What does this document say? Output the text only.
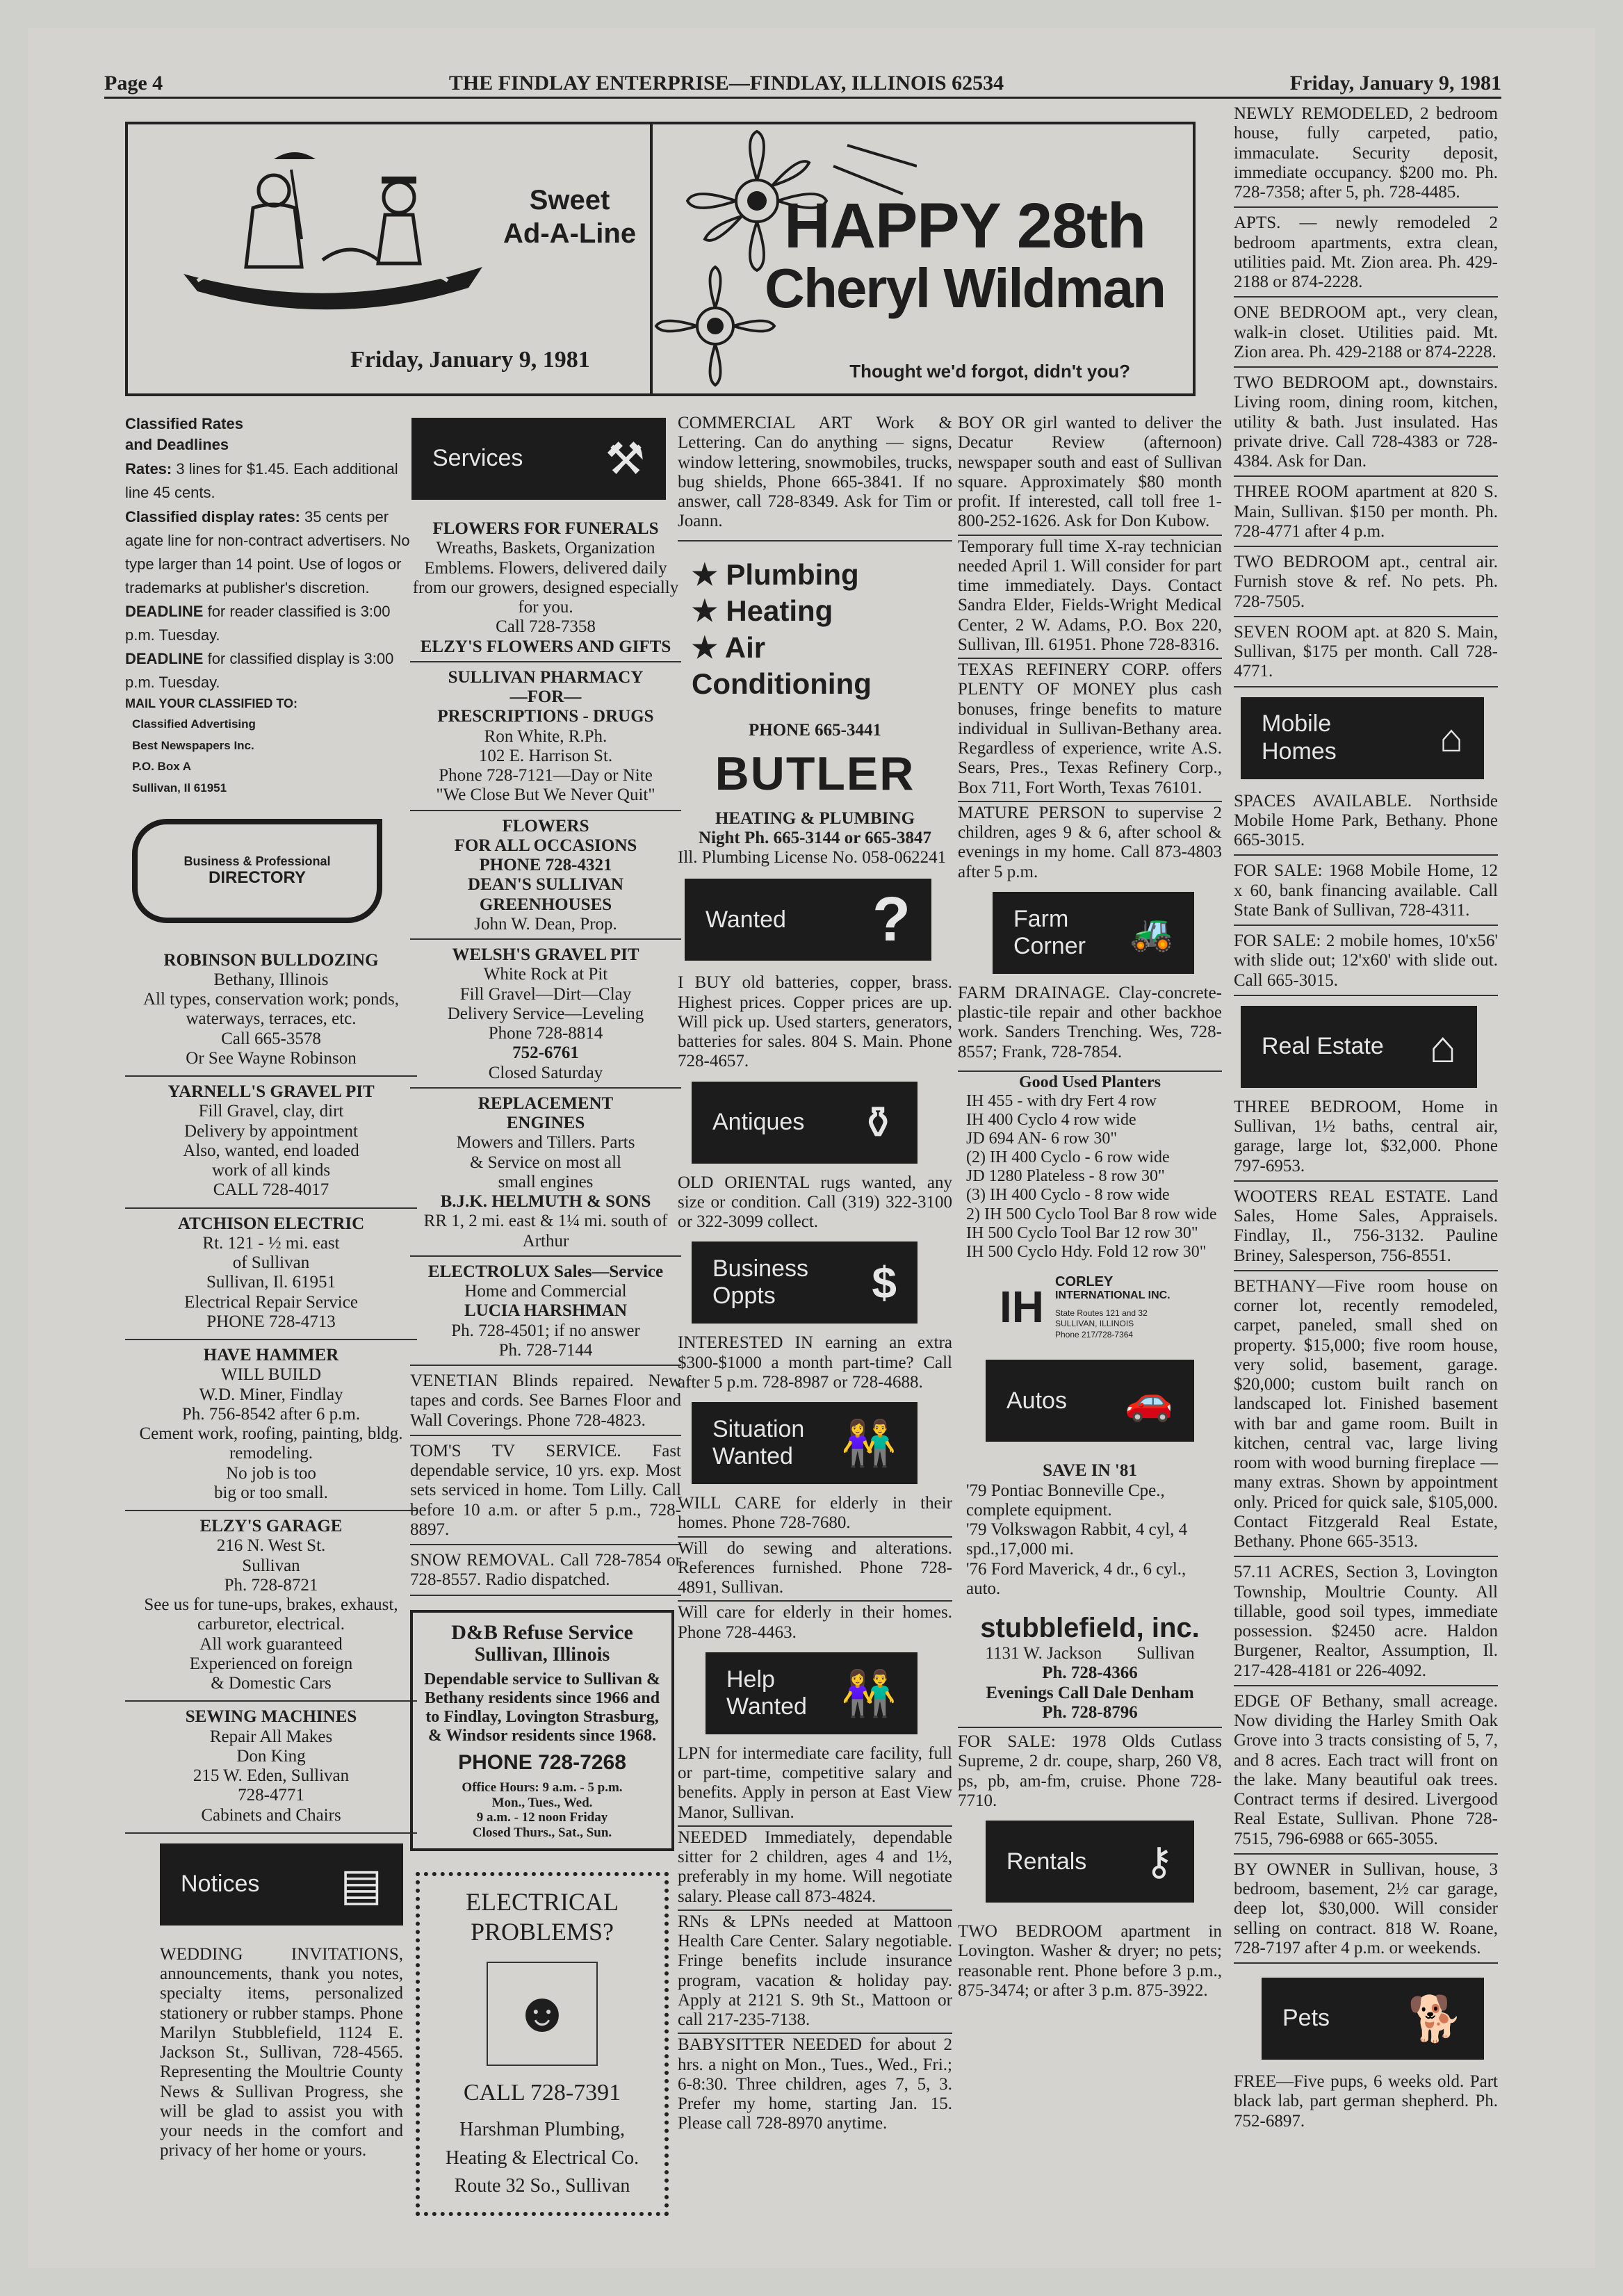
Page 4	THE FINDLAY ENTERPRISE—FINDLAY, ILLINOIS 62534	Friday, January 9, 1981
Sweet
Ad-A-Line
Friday, January 9, 1981
HAPPY 28th
Cheryl Wildman
Thought we'd forgot, didn't you?
Classified Rates
and Deadlines
Rates: 3 lines for $1.45. Each additional line 45 cents.
Classified display rates: 35 cents per agate line for non-contract advertisers. No type larger than 14 point. Use of logos or trademarks at publisher's discretion.
DEADLINE for reader classified is 3:00 p.m. Tuesday.
DEADLINE for classified display is 3:00 p.m. Tuesday.
MAIL YOUR CLASSIFIED TO:
Classified Advertising
Best Newspapers Inc.
P.O. Box A
Sullivan, Il 61951
Business & Professional
DIRECTORY
ROBINSON BULLDOZING
Bethany, Illinois
All types, conservation work; ponds, waterways, terraces, etc.
Call 665-3578
Or See Wayne Robinson
YARNELL'S GRAVEL PIT
Fill Gravel, clay, dirt
Delivery by appointment
Also, wanted, end loaded
work of all kinds
CALL 728-4017
ATCHISON ELECTRIC
Rt. 121 - ½ mi. east
of Sullivan
Sullivan, Il. 61951
Electrical Repair Service
PHONE 728-4713
HAVE HAMMER
WILL BUILD
W.D. Miner, Findlay
Ph. 756-8542 after 6 p.m.
Cement work, roofing, painting, bldg. remodeling.
No job is too
big or too small.
ELZY'S GARAGE
216 N. West St.
Sullivan
Ph. 728-8721
See us for tune-ups, brakes, exhaust, carburetor, electrical.
All work guaranteed
Experienced on foreign
& Domestic Cars
SEWING MACHINES
Repair All Makes
Don King
215 W. Eden, Sullivan
728-4771
Cabinets and Chairs
Notices ▤
WEDDING INVITATIONS, announcements, thank you notes, specialty items, personalized stationery or rubber stamps. Phone Marilyn Stubblefield, 1124 E. Jackson St., Sullivan, 728-4565. Representing the Moultrie County News & Sullivan Progress, she will be glad to assist you with your needs in the comfort and privacy of her home or yours.
Services ⚒
FLOWERS FOR FUNERALS
Wreaths, Baskets, Organization Emblems. Flowers, delivered daily from our growers, designed especially for you.
Call 728-7358
ELZY'S FLOWERS AND GIFTS
SULLIVAN PHARMACY
—FOR—
PRESCRIPTIONS - DRUGS
Ron White, R.Ph.
102 E. Harrison St.
Phone 728-7121—Day or Nite
"We Close But We Never Quit"
FLOWERS
FOR ALL OCCASIONS
PHONE 728-4321
DEAN'S SULLIVAN
GREENHOUSES
John W. Dean, Prop.
WELSH'S GRAVEL PIT
White Rock at Pit
Fill Gravel—Dirt—Clay
Delivery Service—Leveling
Phone 728-8814
752-6761
Closed Saturday
REPLACEMENT
ENGINES
Mowers and Tillers. Parts
& Service on most all
small engines
B.J.K. HELMUTH & SONS
RR 1, 2 mi. east & 1¼ mi. south of Arthur
ELECTROLUX Sales—Service
Home and Commercial
LUCIA HARSHMAN
Ph. 728-4501; if no answer
Ph. 728-7144
VENETIAN Blinds repaired. New tapes and cords. See Barnes Floor and Wall Coverings. Phone 728-4823.
TOM'S TV SERVICE. Fast dependable service, 10 yrs. exp. Most sets serviced in home. Tom Lilly. Call before 10 a.m. or after 5 p.m., 728-8897.
SNOW REMOVAL. Call 728-7854 or 728-8557. Radio dispatched.
D&B Refuse Service
Sullivan, Illinois
Dependable service to Sullivan & Bethany residents since 1966 and to Findlay, Lovington Strasburg, & Windsor residents since 1968.
PHONE 728-7268
Office Hours: 9 a.m. - 5 p.m.
Mon., Tues., Wed.
9 a.m. - 12 noon Friday
Closed Thurs., Sat., Sun.
ELECTRICAL
PROBLEMS?
☻
CALL 728-7391
Harshman Plumbing,
Heating & Electrical Co.
Route 32 So., Sullivan
COMMERCIAL ART Work & Lettering. Can do anything — signs, window lettering, snowmobiles, trucks, bug shields, Phone 665-3841. If no answer, call 728-8349. Ask for Tim or Joann.
★ Plumbing
★ Heating
★ Air Conditioning
PHONE 665-3441
BUTLER
HEATING & PLUMBING
Night Ph. 665-3144 or 665-3847
Ill. Plumbing License No. 058-062241
Wanted ?
I BUY old batteries, copper, brass. Highest prices. Copper prices are up. Will pick up. Used starters, generators, batteries for sales. 804 S. Main. Phone 728-4657.
Antiques ⚱
OLD ORIENTAL rugs wanted, any size or condition. Call (319) 322-3100 or 322-3099 collect.
Business
Oppts	$
INTERESTED IN earning an extra $300-$1000 a month part-time? Call after 5 p.m. 728-8987 or 728-4688.
Situation
Wanted 👫
WILL CARE for elderly in their homes. Phone 728-7680.
Will do sewing and alterations. References furnished. Phone 728-4891, Sullivan.
Will care for elderly in their homes. Phone 728-4463.
Help
Wanted 👫
LPN for intermediate care facility, full or part-time, competitive salary and benefits. Apply in person at East View Manor, Sullivan.
NEEDED Immediately, dependable sitter for 2 children, ages 4 and 1½, preferably in my home. Will negotiate salary. Please call 873-4824.
RNs & LPNs needed at Mattoon Health Care Center. Salary negotiable. Fringe benefits include insurance program, vacation & holiday pay. Apply at 2121 S. 9th St., Mattoon or call 217-235-7138.
BABYSITTER NEEDED for about 2 hrs. a night on Mon., Tues., Wed., Fri.; 6-8:30. Three children, ages 7, 5, 3. Prefer my home, starting Jan. 15. Please call 728-8970 anytime.
BOY OR girl wanted to deliver the Decatur Review (afternoon) newspaper south and east of Sullivan square. Approximately $80 month profit. If interested, call toll free 1-800-252-1626. Ask for Don Kubow.
Temporary full time X-ray technician needed April 1. Will consider for part time immediately. Days. Contact Sandra Elder, Fields-Wright Medical Center, 2 W. Adams, P.O. Box 220, Sullivan, Ill. 61951. Phone 728-8316.
TEXAS REFINERY CORP. offers PLENTY OF MONEY plus cash bonuses, fringe benefits to mature individual in Sullivan-Bethany area. Regardless of experience, write A.S. Sears, Pres., Texas Refinery Corp., Box 711, Fort Worth, Texas 76101.
MATURE PERSON to supervise 2 children, ages 9 & 6, after school & evenings in my home. Call 873-4803 after 5 p.m.
Farm
Corner 🚜
FARM DRAINAGE. Clay-concrete-plastic-tile repair and other backhoe work. Sanders Trenching. Wes, 728-8557; Frank, 728-7854.
Good Used Planters
IH 455 - with dry Fert 4 row
IH 400 Cyclo 4 row wide
JD 694 AN- 6 row 30"
(2) IH 400 Cyclo - 6 row wide
JD 1280 Plateless - 8 row 30"
(3) IH 400 Cyclo - 8 row wide
2) IH 500 Cyclo Tool Bar 8 row wide
IH 500 Cyclo Tool Bar 12 row 30"
IH 500 Cyclo Hdy. Fold 12 row 30"
IH
CORLEY
INTERNATIONAL INC.
State Routes 121 and 32
SULLIVAN, ILLINOIS
Phone 217/728-7364
Autos 🚗
SAVE IN '81
'79 Pontiac Bonneville Cpe., complete equipment.
'79 Volkswagon Rabbit, 4 cyl, 4 spd.,17,000 mi.
'76 Ford Maverick, 4 dr., 6 cyl., auto.
stubblefield, inc.
1131 W. Jackson        Sullivan
Ph. 728-4366
Evenings Call Dale Denham
Ph. 728-8796
FOR SALE: 1978 Olds Cutlass Supreme, 2 dr. coupe, sharp, 260 V8, ps, pb, am-fm, cruise. Phone 728-7710.
Rentals ⚷
TWO BEDROOM apartment in Lovington. Washer & dryer; no pets; reasonable rent. Phone before 3 p.m., 875-3474; or after 3 p.m. 875-3922.
NEWLY REMODELED, 2 bedroom house, fully carpeted, patio, immaculate. Security deposit, immediate occupancy. $200 mo. Ph. 728-7358; after 5, ph. 728-4485.
APTS. — newly remodeled 2 bedroom apartments, extra clean, utilities paid. Mt. Zion area. Ph. 429-2188 or 874-2228.
ONE BEDROOM apt., very clean, walk-in closet. Utilities paid. Mt. Zion area. Ph. 429-2188 or 874-2228.
TWO BEDROOM apt., downstairs. Living room, dining room, kitchen, utility & bath. Just insulated. Has private drive. Call 728-4383 or 728-4384. Ask for Dan.
THREE ROOM apartment at 820 S. Main, Sullivan. $150 per month. Ph. 728-4771 after 4 p.m.
TWO BEDROOM apt., central air. Furnish stove & ref. No pets. Ph. 728-7505.
SEVEN ROOM apt. at 820 S. Main, Sullivan, $175 per month. Call 728-4771.
Mobile
Homes	⌂
SPACES AVAILABLE. Northside Mobile Home Park, Bethany. Phone 665-3015.
FOR SALE: 1968 Mobile Home, 12 x 60, bank financing available. Call State Bank of Sullivan, 728-4311.
FOR SALE: 2 mobile homes, 10'x56' with slide out; 12'x60' with slide out. Call 665-3015.
Real Estate ⌂
THREE BEDROOM, Home in Sullivan, 1½ baths, central air, garage, large lot, $32,000. Phone 797-6953.
WOOTERS REAL ESTATE. Land Sales, Home Sales, Appraisels. Findlay, Il., 756-3132. Pauline Briney, Salesperson, 756-8551.
BETHANY—Five room house on corner lot, recently remodeled, carpet, paneled, small shed on property. $15,000; five room house, very solid, basement, garage. $20,000; custom built ranch on landscaped lot. Finished basement with bar and game room. Built in kitchen, central vac, large living room with wood burning fireplace — many extras. Shown by appointment only. Priced for quick sale, $105,000. Contact Fitzgerald Real Estate, Bethany. Phone 665-3513.
57.11 ACRES, Section 3, Lovington Township, Moultrie County. All tillable, good soil types, immediate possession. $2450 acre. Haldon Burgener, Realtor, Assumption, Il. 217-428-4181 or 226-4092.
EDGE OF Bethany, small acreage. Now dividing the Harley Smith Oak Grove into 3 tracts consisting of 5, 7, and 8 acres. Each tract will front on the lake. Many beautiful oak trees. Contract terms if desired. Livergood Real Estate, Sullivan. Phone 728-7515, 796-6988 or 665-3055.
BY OWNER in Sullivan, house, 3 bedroom, basement, 2½ car garage, deep lot, $30,000. Will consider selling on contract. 818 W. Roane, 728-7197 after 4 p.m. or weekends.
Pets 🐕
FREE—Five pups, 6 weeks old. Part black lab, part german shepherd. Ph. 752-6897.
